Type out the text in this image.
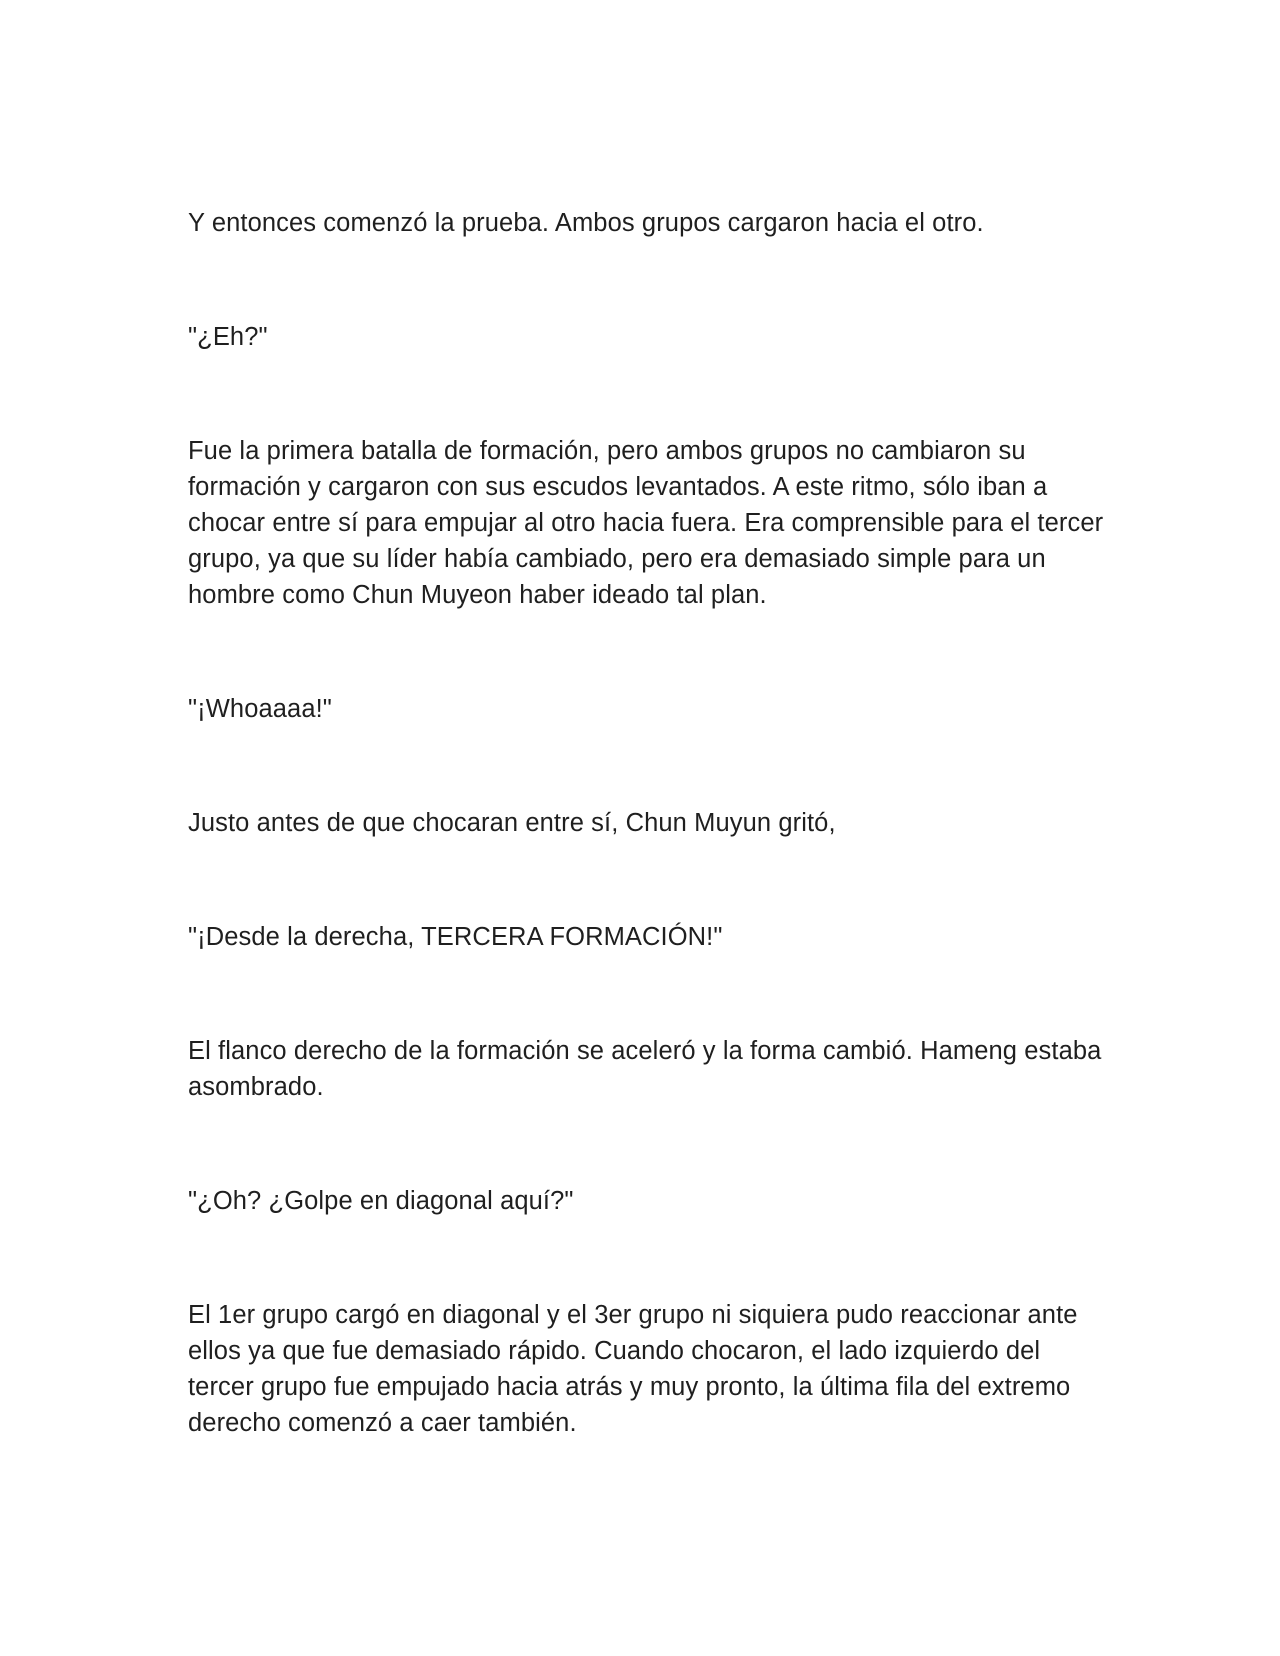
Y entonces comenzó la prueba. Ambos grupos cargaron hacia el otro.

"¿Eh?"

Fue la primera batalla de formación, pero ambos grupos no cambiaron su formación y cargaron con sus escudos levantados. A este ritmo, sólo iban a chocar entre sí para empujar al otro hacia fuera. Era comprensible para el tercer grupo, ya que su líder había cambiado, pero era demasiado simple para un hombre como Chun Muyeon haber ideado tal plan.

"¡Whoaaaa!"

Justo antes de que chocaran entre sí, Chun Muyun gritó,

"¡Desde la derecha, TERCERA FORMACIÓN!"

El flanco derecho de la formación se aceleró y la forma cambió. Hameng estaba asombrado.

"¿Oh? ¿Golpe en diagonal aquí?"

El 1er grupo cargó en diagonal y el 3er grupo ni siquiera pudo reaccionar ante ellos ya que fue demasiado rápido. Cuando chocaron, el lado izquierdo del tercer grupo fue empujado hacia atrás y muy pronto, la última fila del extremo derecho comenzó a caer también.
